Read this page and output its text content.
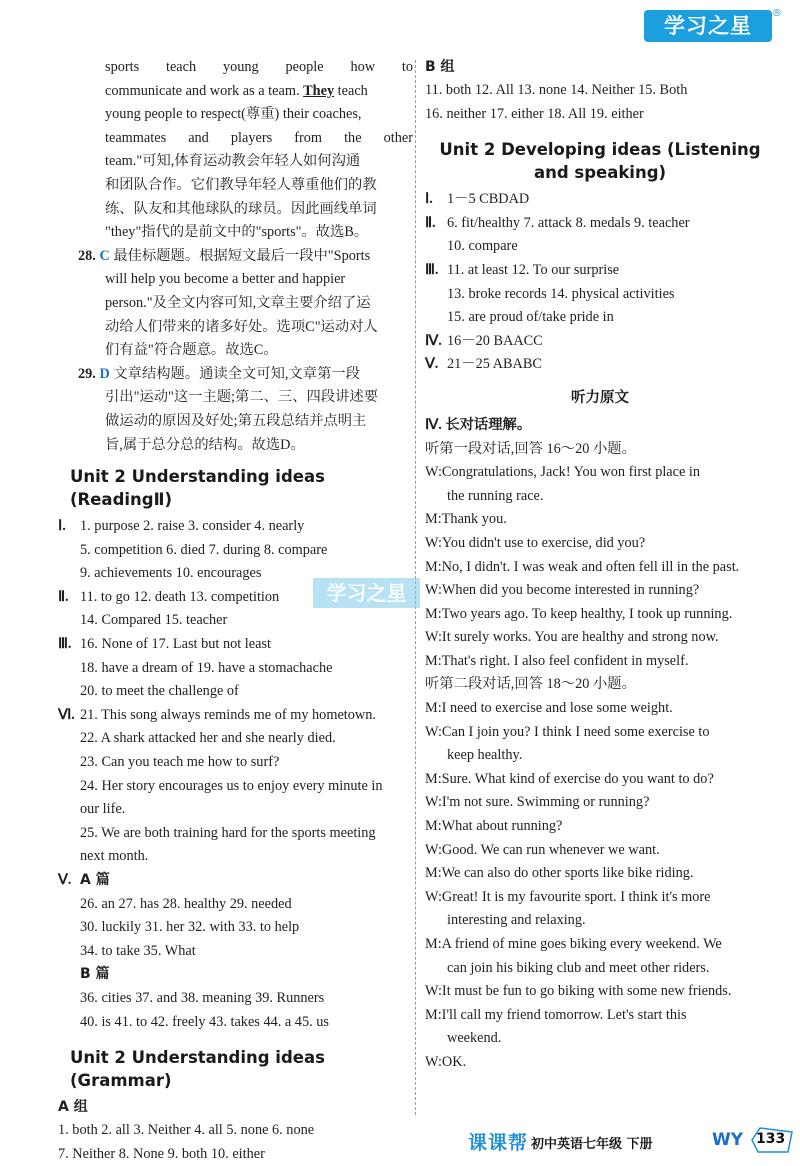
学习之星
®
学习之星
sports teach young people how to
communicate and work as a team. They teach
young people to respect(尊重) their coaches,
teammates and players from the other
team."可知,体育运动教会年轻人如何沟通
和团队合作。它们教导年轻人尊重他们的教
练、队友和其他球队的球员。因此画线单词
"they"指代的是前文中的"sports"。故选B。
28. C 最佳标题题。根据短文最后一段中"Sports
will help you become a better and happier
person."及全文内容可知,文章主要介绍了运
动给人们带来的诸多好处。选项C"运动对人
们有益"符合题意。故选C。
29. D 文章结构题。通读全文可知,文章第一段
引出"运动"这一主题;第二、三、四段讲述要
做运动的原因及好处;第五段总结并点明主
旨,属于总分总的结构。故选D。
Unit 2 Understanding ideas (ReadingⅡ)
Ⅰ. 1. purpose 2. raise 3. consider 4. nearly
5. competition 6. died 7. during 8. compare
9. achievements 10. encourages
Ⅱ. 11. to go 12. death 13. competition
14. Compared 15. teacher
Ⅲ. 16. None of 17. Last but not least
18. have a dream of 19. have a stomachache
20. to meet the challenge of
Ⅵ. 21. This song always reminds me of my hometown.
22. A shark attacked her and she nearly died.
23. Can you teach me how to surf?
24. Her story encourages us to enjoy every minute in
our life.
25. We are both training hard for the sports meeting
next month.
Ⅴ. A 篇
26. an 27. has 28. healthy 29. needed
30. luckily 31. her 32. with 33. to help
34. to take 35. What
B 篇
36. cities 37. and 38. meaning 39. Runners
40. is 41. to 42. freely 43. takes 44. a 45. us
Unit 2 Understanding ideas (Grammar)
A 组
1. both 2. all 3. Neither 4. all 5. none 6. none
7. Neither 8. None 9. both 10. either
B 组
11. both 12. All 13. none 14. Neither 15. Both
16. neither 17. either 18. All 19. either
Unit 2 Developing ideas (Listening
and speaking)
Ⅰ. 1－5 CBDAD
Ⅱ. 6. fit/healthy 7. attack 8. medals 9. teacher
10. compare
Ⅲ. 11. at least 12. To our surprise
13. broke records 14. physical activities
15. are proud of/take pride in
Ⅳ. 16－20 BAACC
Ⅴ. 21－25 ABABC
听力原文
Ⅳ. 长对话理解。
听第一段对话,回答 16～20 小题。
W:Congratulations, Jack! You won first place in
the running race.
M:Thank you.
W:You didn't use to exercise, did you?
M:No, I didn't. I was weak and often fell ill in the past.
W:When did you become interested in running?
M:Two years ago. To keep healthy, I took up running.
W:It surely works. You are healthy and strong now.
M:That's right. I also feel confident in myself.
听第二段对话,回答 18～20 小题。
M:I need to exercise and lose some weight.
W:Can I join you? I think I need some exercise to
keep healthy.
M:Sure. What kind of exercise do you want to do?
W:I'm not sure. Swimming or running?
M:What about running?
W:Good. We can run whenever we want.
M:We can also do other sports like bike riding.
W:Great! It is my favourite sport. I think it's more
interesting and relaxing.
M:A friend of mine goes biking every weekend. We
can join his biking club and meet other riders.
W:It must be fun to go biking with some new friends.
M:I'll call my friend tomorrow. Let's start this
weekend.
W:OK.
课课帮 初中英语七年级 下册	WY 133
